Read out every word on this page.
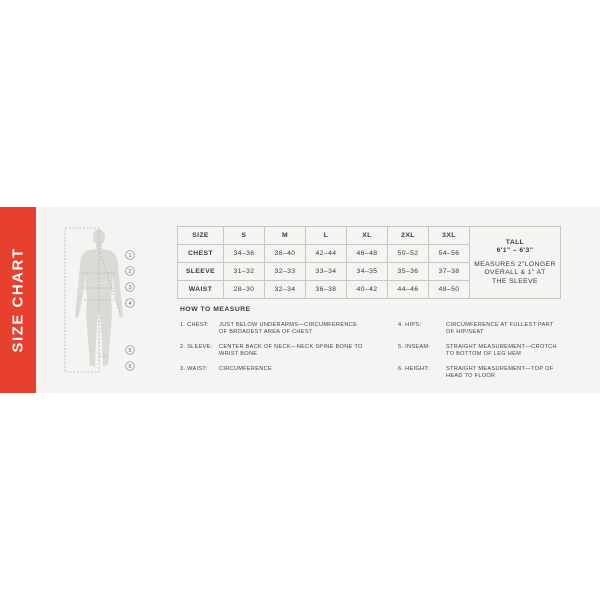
SIZE CHART	1
2
3
4
5
6
SIZE	S	M	L	XL	2XL	3XL	TALL
6'1" – 6'3"
MEASURES 2"LONGER
OVERALL & 1" AT
THE SLEEVE

CHEST	34–36	38–40	42–44	46–48	50–52	54–56	
SLEEVE	31–32	32–33	33–34	34–35	35–36	37–38	
WAIST	28–30	32–34	36–38	40–42	44–46	48–50	
HOW TO MEASURE
1. CHEST: JUST BELOW UNDERARMS—CIRCUMFERENCE
OF BROADEST AREA OF CHEST
2. SLEEVE: CENTER BACK OF NECK—NECK SPINE BONE TO
WRIST BONE
3. WAIST: CIRCUMFERENCE
4. HIPS:	CIRCUMFERENCE AT FULLEST PART
OF HIP/SEAT
5. INSEAM:	STRAIGHT MEASUREMENT—CROTCH
TO BOTTOM OF LEG HEM
6. HEIGHT:	STRAIGHT MEASUREMENT—TOP OF
HEAD TO FLOOR
